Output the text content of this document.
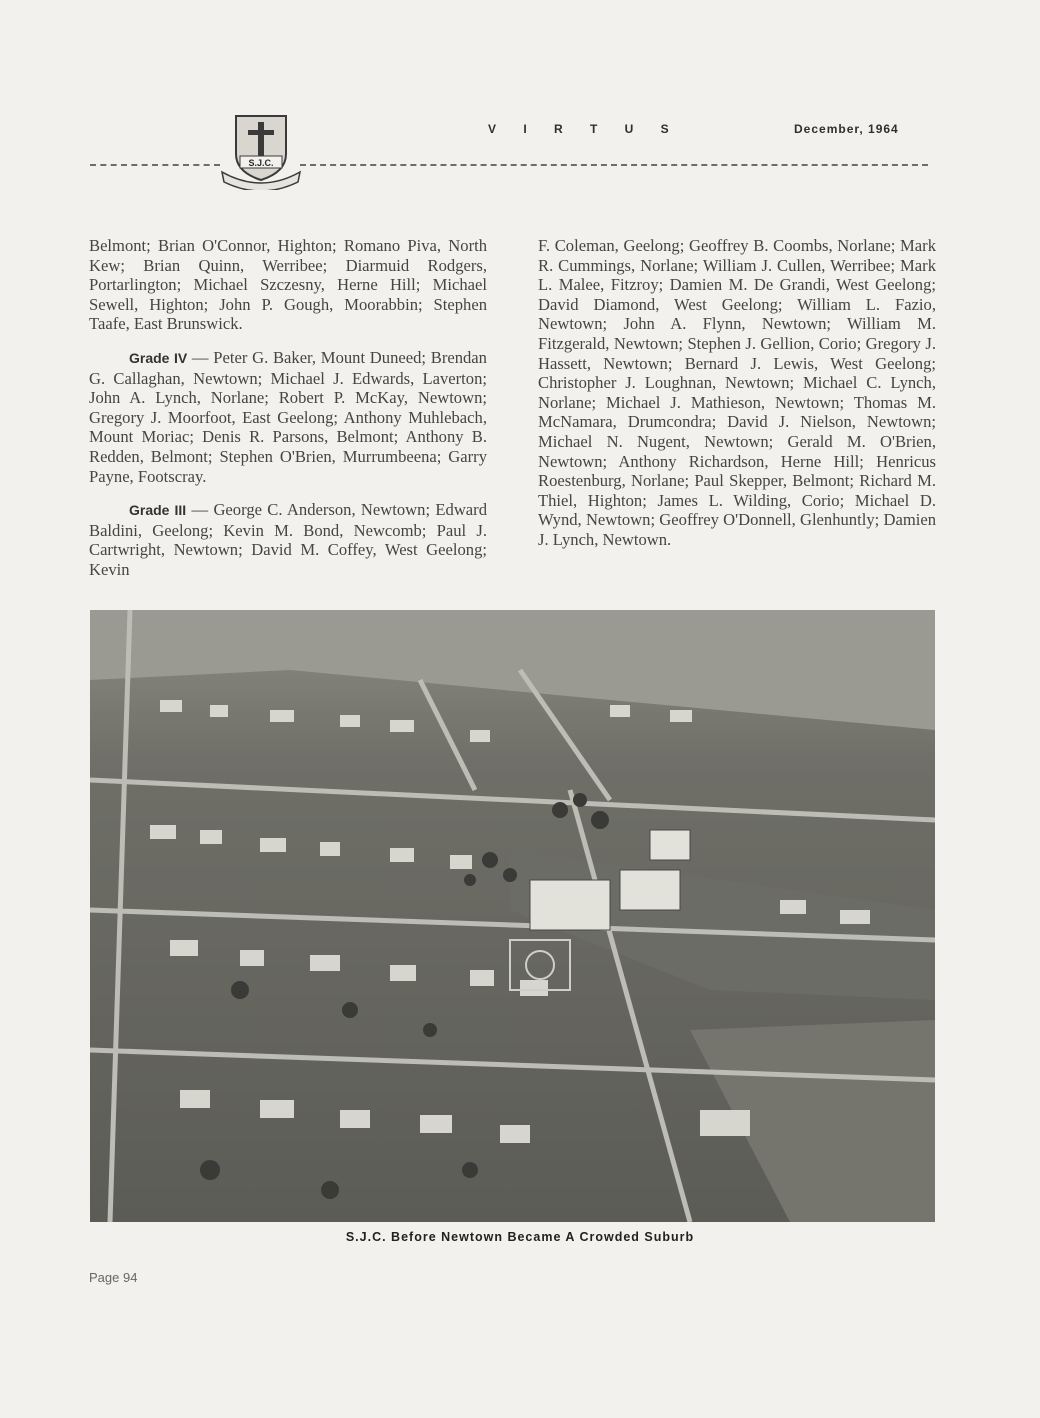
S.J.C.
V I R T U S	December, 1964

Belmont; Brian O'Connor, Highton; Romano Piva, North Kew; Brian Quinn, Werribee; Diarmuid Rodgers, Portarlington; Michael Szczesny, Herne Hill; Michael Sewell, Highton; John P. Gough, Moorabbin; Stephen Taafe, East Brunswick.

Grade IV — Peter G. Baker, Mount Duneed; Brendan G. Callaghan, Newtown; Michael J. Edwards, Laverton; John A. Lynch, Norlane; Robert P. McKay, Newtown; Gregory J. Moorfoot, East Geelong; Anthony Muhlebach, Mount Moriac; Denis R. Parsons, Belmont; Anthony B. Redden, Belmont; Stephen O'Brien, Murrumbeena; Garry Payne, Footscray.

Grade III — George C. Anderson, Newtown; Edward Baldini, Geelong; Kevin M. Bond, Newcomb; Paul J. Cartwright, Newtown; David M. Coffey, West Geelong; Kevin

F. Coleman, Geelong; Geoffrey B. Coombs, Norlane; Mark R. Cummings, Norlane; William J. Cullen, Werribee; Mark L. Malee, Fitzroy; Damien M. De Grandi, West Geelong; David Diamond, West Geelong; William L. Fazio, Newtown; John A. Flynn, Newtown; William M. Fitzgerald, Newtown; Stephen J. Gellion, Corio; Gregory J. Hassett, Newtown; Bernard J. Lewis, West Geelong; Christopher J. Loughnan, Newtown; Michael C. Lynch, Norlane; Michael J. Mathieson, Newtown; Thomas M. McNamara, Drumcondra; David J. Nielson, Newtown; Michael N. Nugent, Newtown; Gerald M. O'Brien, Newtown; Anthony Richardson, Herne Hill; Henricus Roestenburg, Norlane; Paul Skepper, Belmont; Richard M. Thiel, Highton; James L. Wilding, Corio; Michael D. Wynd, Newtown; Geoffrey O'Donnell, Glenhuntly; Damien J. Lynch, Newtown.

S.J.C. Before Newtown Became A Crowded Suburb
Page 94
